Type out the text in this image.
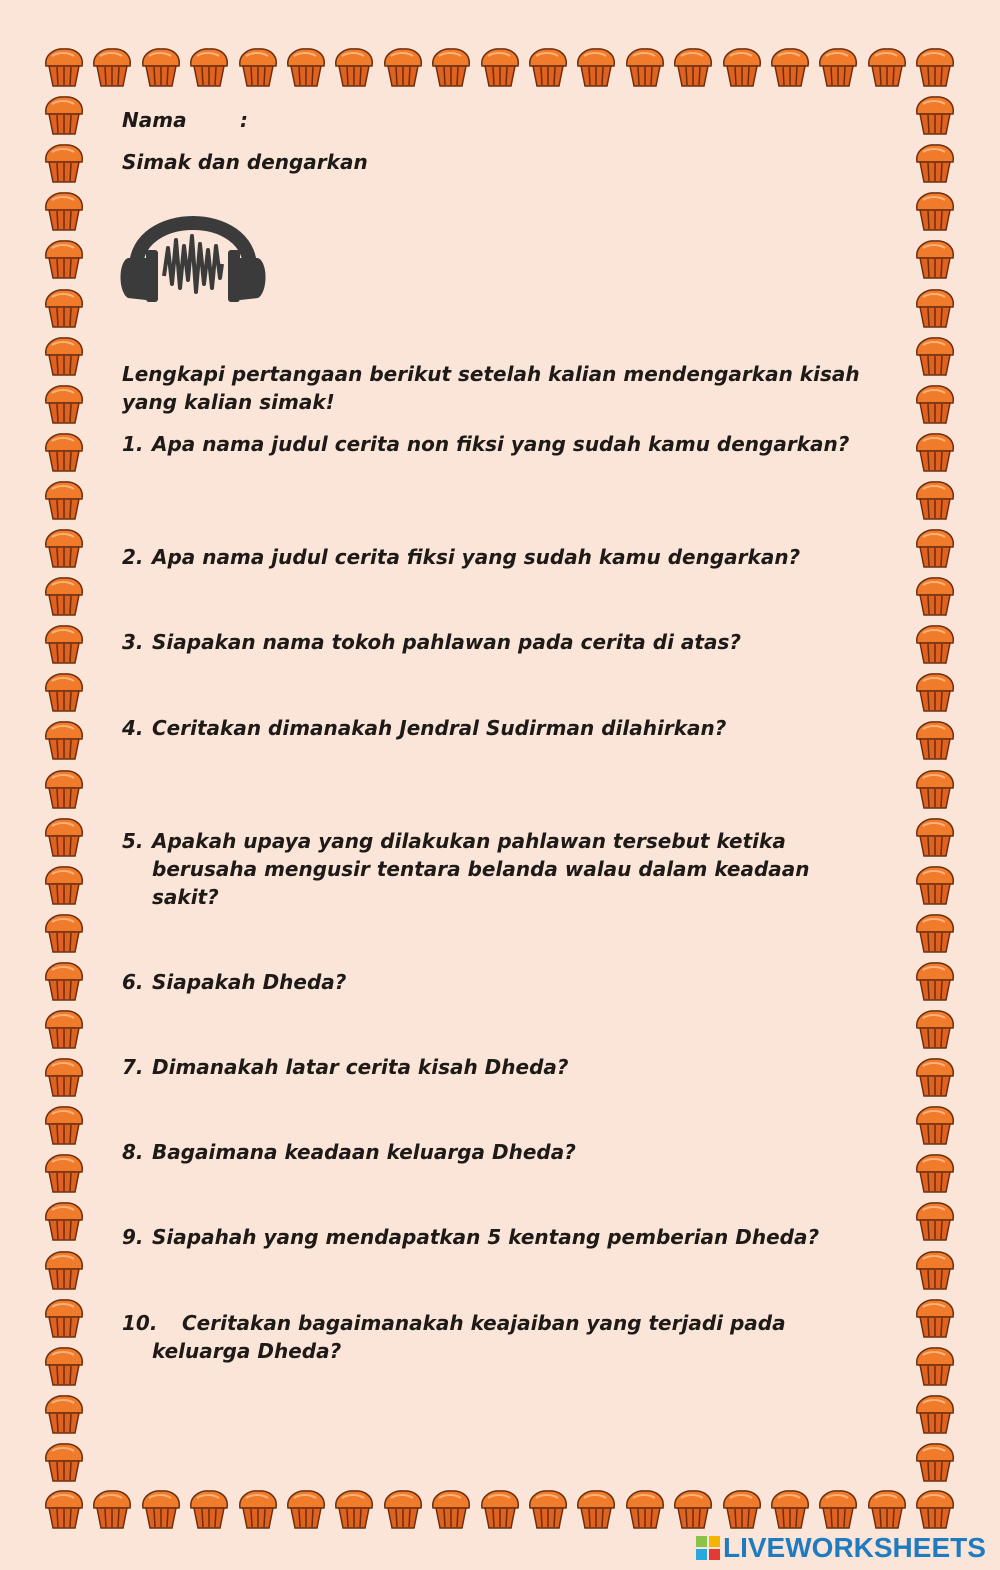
Nama	:

Simak dan dengarkan

Lengkapi pertangaan berikut setelah kalian mendengarkan kisah yang kalian simak!

1. Apa nama judul cerita non fiksi yang sudah kamu dengarkan?
2. Apa nama judul cerita fiksi yang sudah kamu dengarkan?
3. Siapakan nama tokoh pahlawan pada cerita di atas?
4. Ceritakan dimanakah Jendral Sudirman dilahirkan?
5. Apakah upaya yang dilakukan pahlawan tersebut ketika berusaha mengusir tentara belanda walau dalam keadaan sakit?
6. Siapakah Dheda?
7. Dimanakah latar cerita kisah Dheda?
8. Bagaimana keadaan keluarga Dheda?
9. Siapahah yang mendapatkan 5 kentang pemberian Dheda?
10.	Ceritakan bagaimanakah keajaiban yang terjadi pada keluarga Dheda?
LIVEWORKSHEETS
